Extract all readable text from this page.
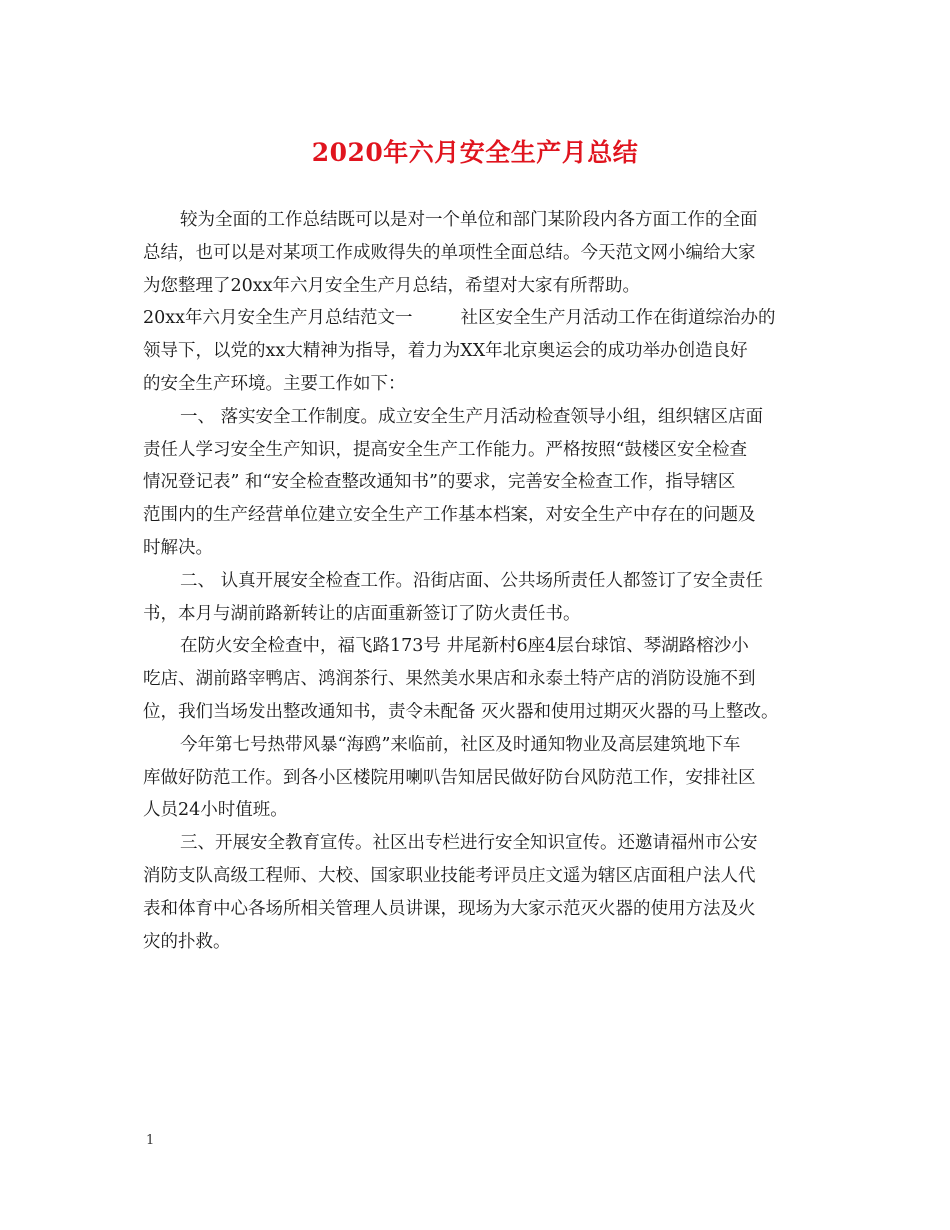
2020年六月安全生产月总结
较为全面的工作总结既可以是对一个单位和部门某阶段内各方面工作的全面
总结，也可以是对某项工作成败得失的单项性全面总结。今天范文网小编给大家
为您整理了20xx年六月安全生产月总结，希望对大家有所帮助。
20xx年六月安全生产月总结范文一	社区安全生产月活动工作在街道综治办的
领导下，以党的xx大精神为指导，着力为XX年北京奥运会的成功举办创造良好
的安全生产环境。主要工作如下：
一、 落实安全工作制度。成立安全生产月活动检查领导小组，组织辖区店面
责任人学习安全生产知识，提高安全生产工作能力。严格按照“鼓楼区安全检查
情况登记表” 和“安全检查整改通知书”的要求，完善安全检查工作，指导辖区
范围内的生产经营单位建立安全生产工作基本档案，对安全生产中存在的问题及
时解决。
二、 认真开展安全检查工作。沿街店面、公共场所责任人都签订了安全责任
书，本月与湖前路新转让的店面重新签订了防火责任书。
在防火安全检查中，福飞路173号 井尾新村6座4层台球馆、琴湖路榕沙小
吃店、湖前路宰鸭店、鸿润茶行、果然美水果店和永泰土特产店的消防设施不到
位，我们当场发出整改通知书，责令未配备 灭火器和使用过期灭火器的马上整改。
今年第七号热带风暴“海鸥”来临前，社区及时通知物业及高层建筑地下车
库做好防范工作。到各小区楼院用喇叭告知居民做好防台风防范工作，安排社区
人员24小时值班。
三、开展安全教育宣传。社区出专栏进行安全知识宣传。还邀请福州市公安
消防支队高级工程师、大校、国家职业技能考评员庄文遥为辖区店面租户法人代
表和体育中心各场所相关管理人员讲课，现场为大家示范灭火器的使用方法及火
灾的扑救。
1
